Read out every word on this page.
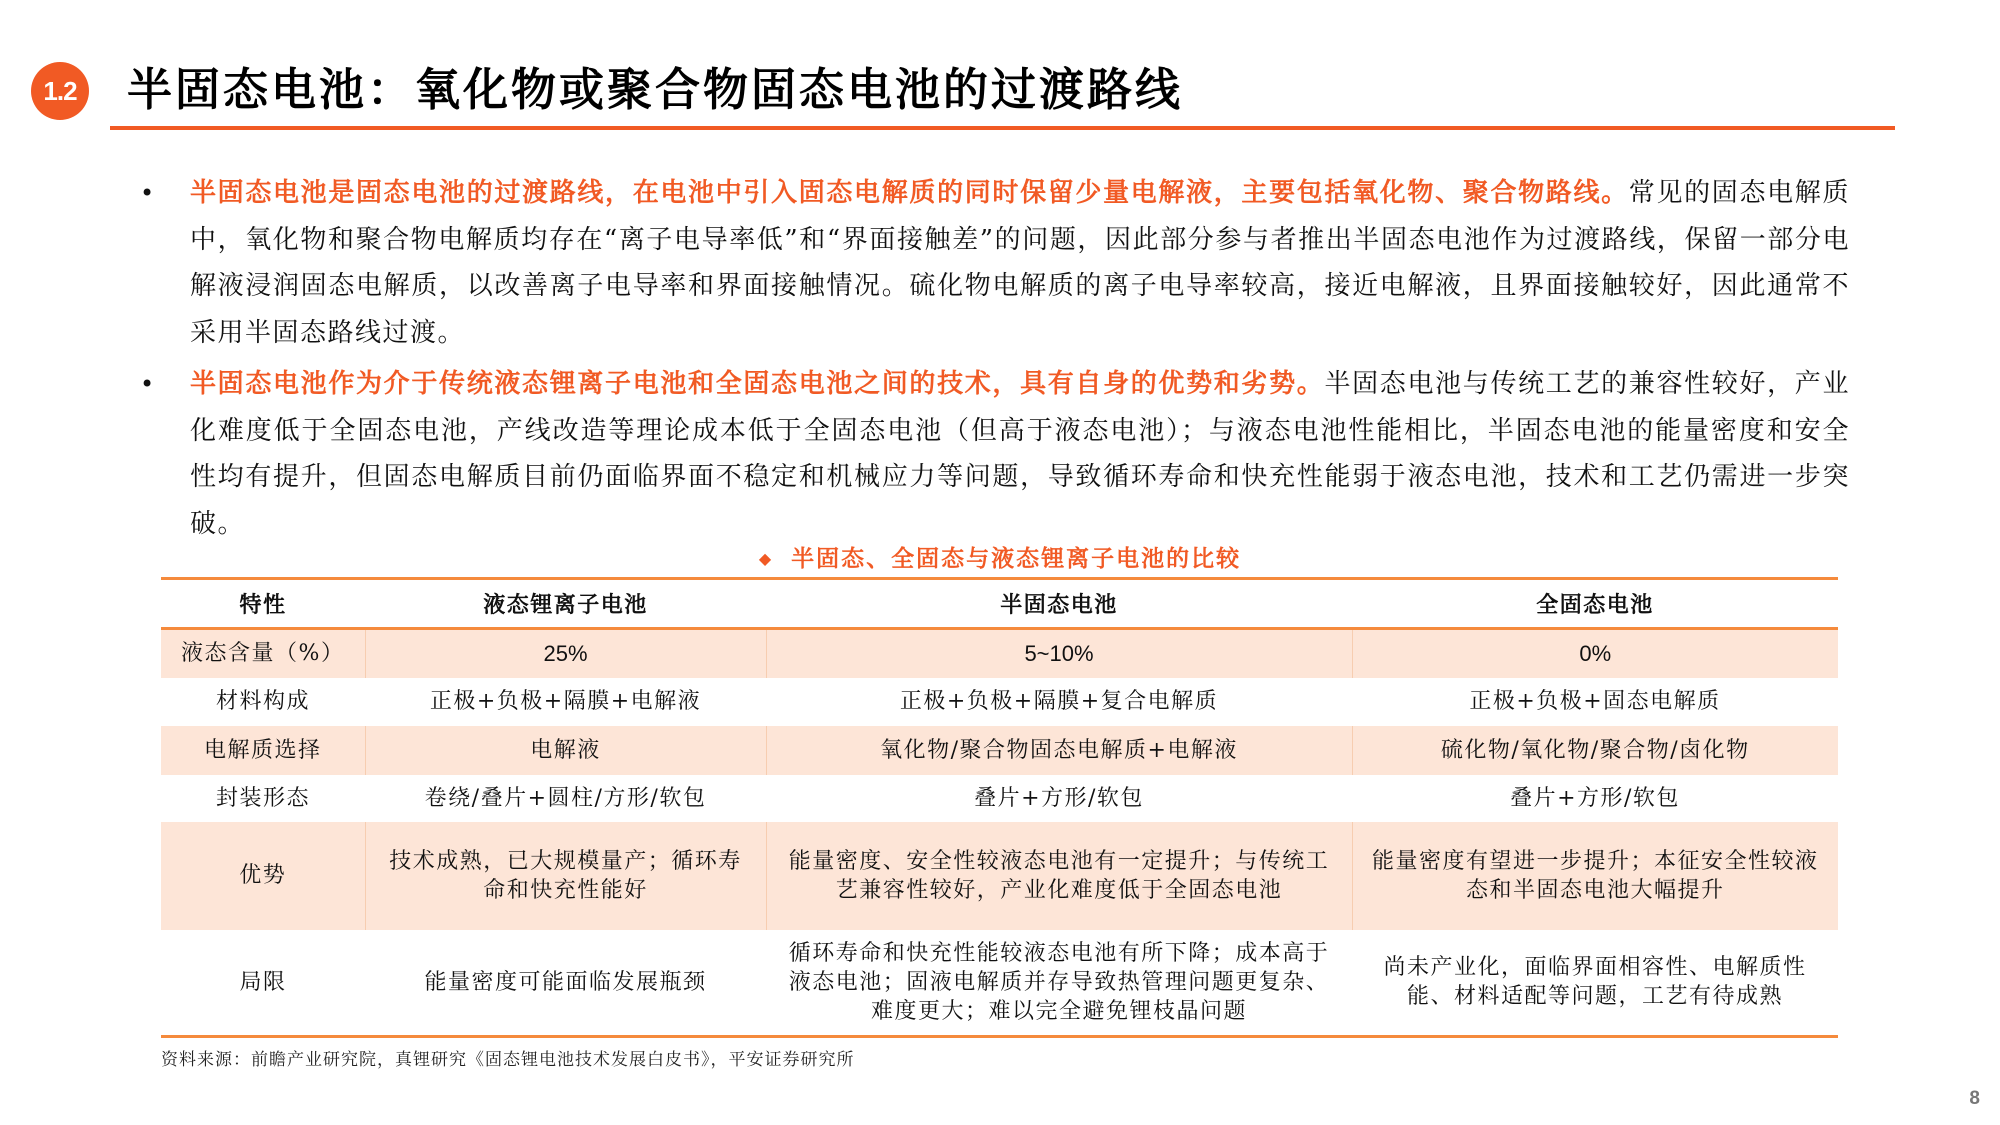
1.2 半固态电池：氧化物或聚合物固态电池的过渡路线
• 半固态电池是固态电池的过渡路线，在电池中引入固态电解质的同时保留少量电解液，主要包括氧化物、聚合物路线。常见的固态电解质中，氧化物和聚合物电解质均存在“离子电导率低”和“界面接触差”的问题，因此部分参与者推出半固态电池作为过渡路线，保留一部分电解液浸润固态电解质，以改善离子电导率和界面接触情况。硫化物电解质的离子电导率较高，接近电解液，且界面接触较好，因此通常不采用半固态路线过渡。
• 半固态电池作为介于传统液态锂离子电池和全固态电池之间的技术，具有自身的优势和劣势。半固态电池与传统工艺的兼容性较好，产业化难度低于全固态电池，产线改造等理论成本低于全固态电池（但高于液态电池）；与液态电池性能相比，半固态电池的能量密度和安全性均有提升，但固态电解质目前仍面临界面不稳定和机械应力等问题，导致循环寿命和快充性能弱于液态电池，技术和工艺仍需进一步突破。
◆ 半固态、全固态与液态锂离子电池的比较
特性	液态锂离子电池	半固态电池	全固态电池
液态含量（%）	25%	5~10%	0%
材料构成	正极+负极+隔膜+电解液	正极+负极+隔膜+复合电解质	正极+负极+固态电解质
电解质选择	电解液	氧化物/聚合物固态电解质+电解液	硫化物/氧化物/聚合物/卤化物
封装形态	卷绕/叠片+圆柱/方形/软包	叠片+方形/软包	叠片+方形/软包
优势	技术成熟，已大规模量产；循环寿命和快充性能好	能量密度、安全性较液态电池有一定提升；与传统工艺兼容性较好，产业化难度低于全固态电池	能量密度有望进一步提升；本征安全性较液态和半固态电池大幅提升
局限	能量密度可能面临发展瓶颈	循环寿命和快充性能较液态电池有所下降；成本高于液态电池；固液电解质并存导致热管理问题更复杂、难度更大；难以完全避免锂枝晶问题	尚未产业化，面临界面相容性、电解质性能、材料适配等问题，工艺有待成熟
资料来源：前瞻产业研究院，真锂研究《固态锂电池技术发展白皮书》，平安证券研究所
8
